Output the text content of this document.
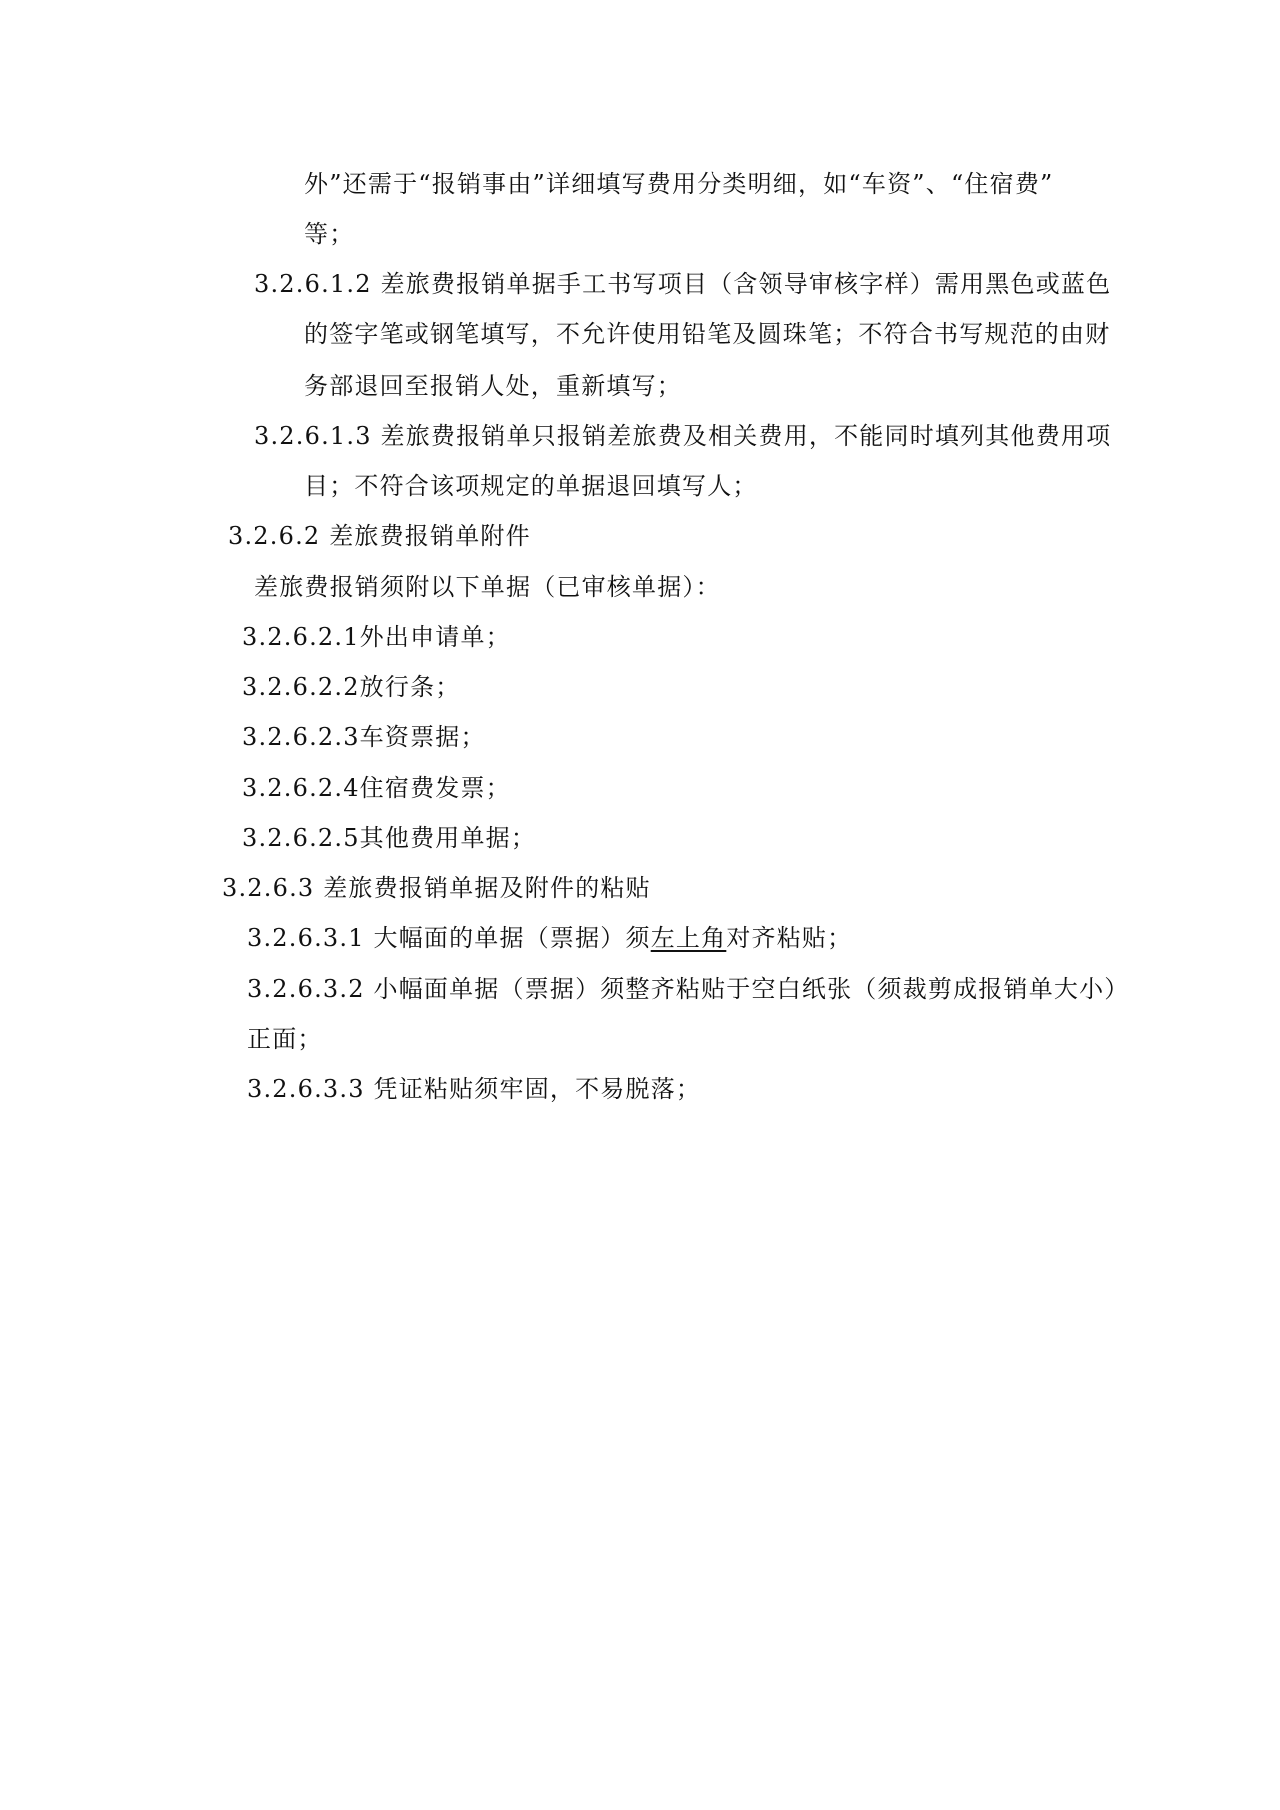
外”还需于“报销事由”详细填写费用分类明细，如“车资”、“住宿费”
等；
3.2.6.1.2 差旅费报销单据手工书写项目（含领导审核字样）需用黑色或蓝色
的签字笔或钢笔填写，不允许使用铅笔及圆珠笔；不符合书写规范的由财
务部退回至报销人处，重新填写；
3.2.6.1.3 差旅费报销单只报销差旅费及相关费用，不能同时填列其他费用项
目；不符合该项规定的单据退回填写人；
3.2.6.2 差旅费报销单附件
差旅费报销须附以下单据（已审核单据）：
3.2.6.2.1外出申请单；
3.2.6.2.2放行条；
3.2.6.2.3车资票据；
3.2.6.2.4住宿费发票；
3.2.6.2.5其他费用单据；
3.2.6.3 差旅费报销单据及附件的粘贴
3.2.6.3.1 大幅面的单据（票据）须左上角对齐粘贴；
3.2.6.3.2 小幅面单据（票据）须整齐粘贴于空白纸张（须裁剪成报销单大小）
正面；
3.2.6.3.3 凭证粘贴须牢固，不易脱落；
